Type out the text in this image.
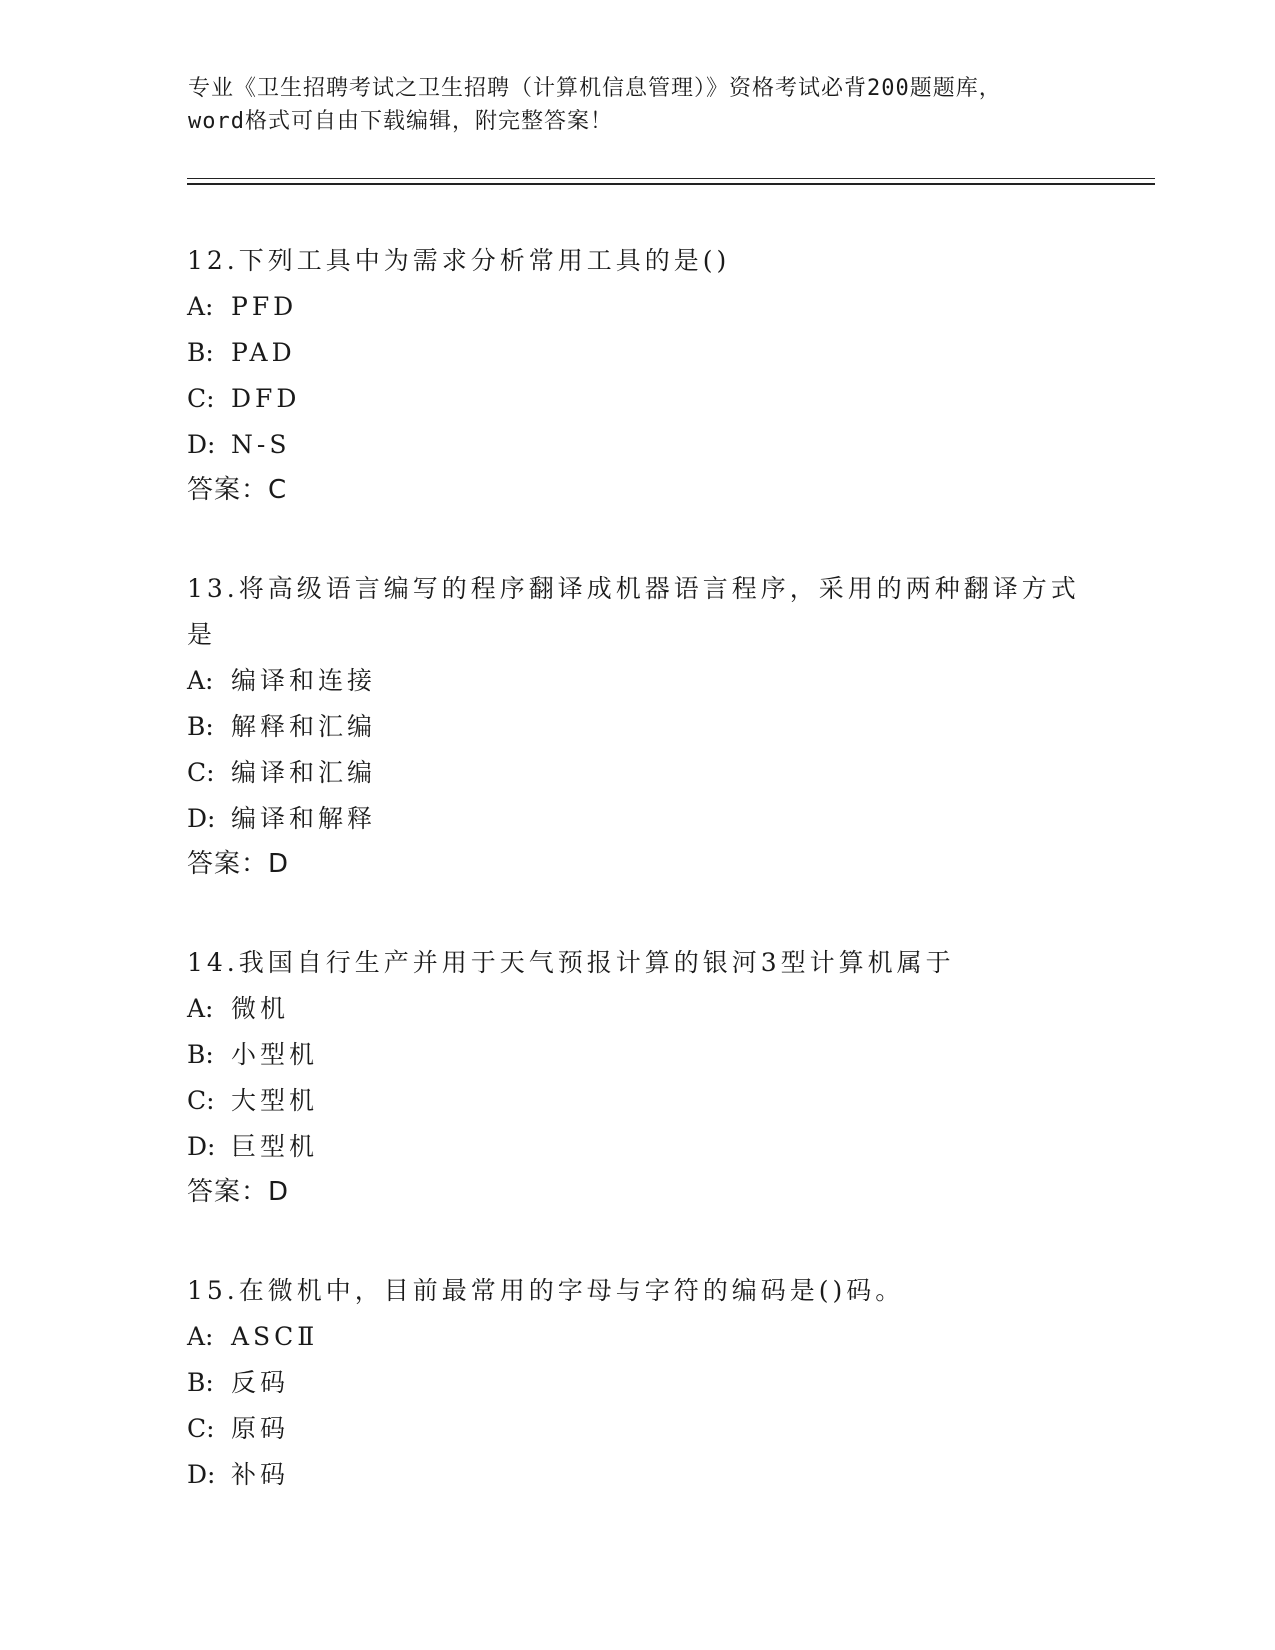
专业《卫生招聘考试之卫生招聘（计算机信息管理）》资格考试必背200题题库，
word格式可自由下载编辑，附完整答案！
12.下列工具中为需求分析常用工具的是()
A: PFD
B: PAD
C: DFD
D: N-S
答案：C
13.将高级语言编写的程序翻译成机器语言程序，采用的两种翻译方式是
A: 编译和连接
B: 解释和汇编
C: 编译和汇编
D: 编译和解释
答案：D
14.我国自行生产并用于天气预报计算的银河3型计算机属于
A: 微机
B: 小型机
C: 大型机
D: 巨型机
答案：D
15.在微机中，目前最常用的字母与字符的编码是()码。
A: ASCⅡ
B: 反码
C: 原码
D: 补码
